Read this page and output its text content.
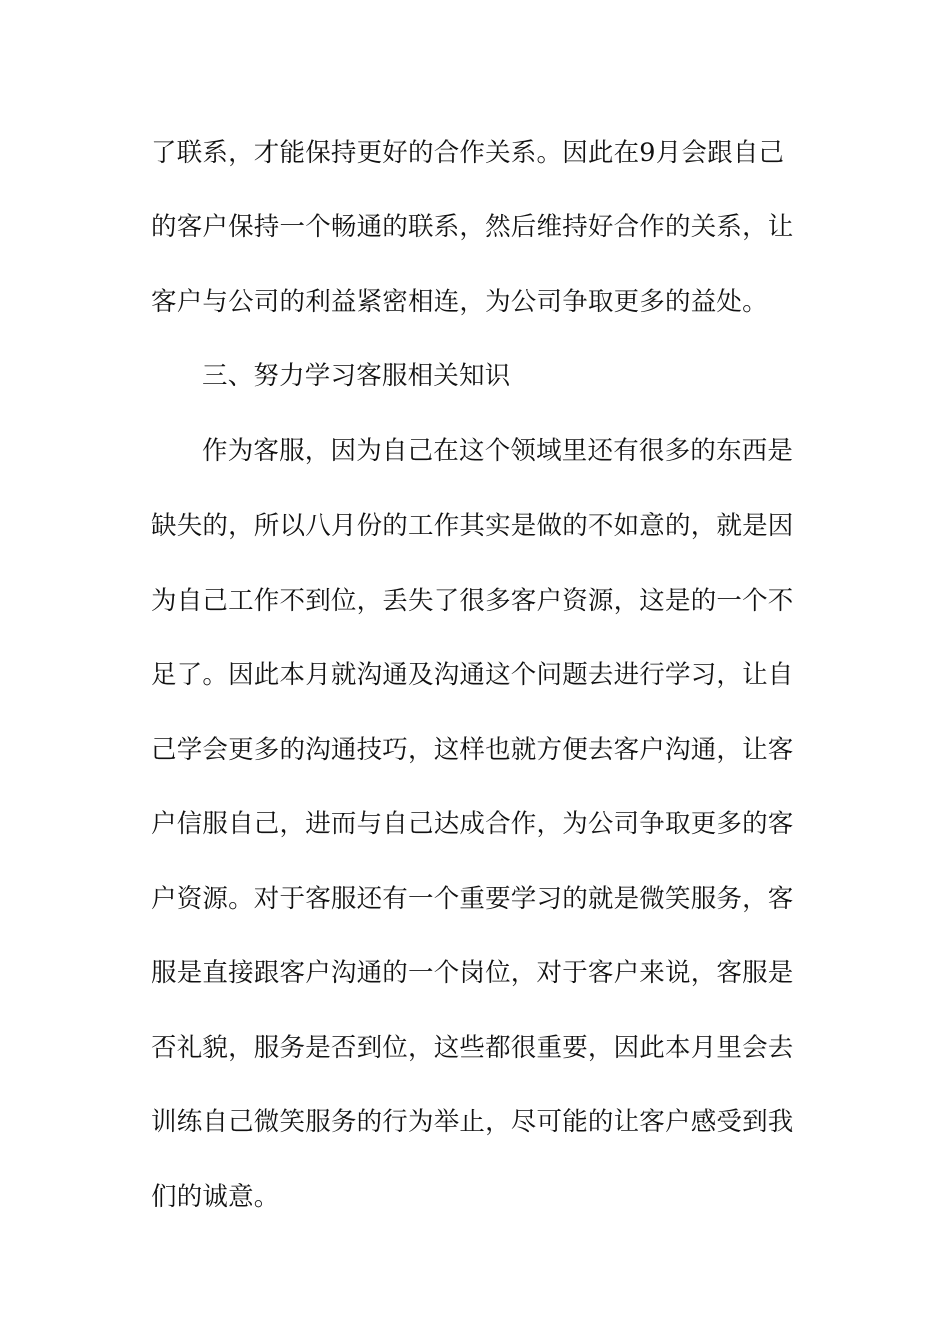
了联系，才能保持更好的合作关系。因此在9月会跟自己
的客户保持一个畅通的联系，然后维持好合作的关系，让
客户与公司的利益紧密相连，为公司争取更多的益处。
三、努力学习客服相关知识
作为客服，因为自己在这个领域里还有很多的东西是
缺失的，所以八月份的工作其实是做的不如意的，就是因
为自己工作不到位，丢失了很多客户资源，这是的一个不
足了。因此本月就沟通及沟通这个问题去进行学习，让自
己学会更多的沟通技巧，这样也就方便去客户沟通，让客
户信服自己，进而与自己达成合作，为公司争取更多的客
户资源。对于客服还有一个重要学习的就是微笑服务，客
服是直接跟客户沟通的一个岗位，对于客户来说，客服是
否礼貌，服务是否到位，这些都很重要，因此本月里会去
训练自己微笑服务的行为举止，尽可能的让客户感受到我
们的诚意。
